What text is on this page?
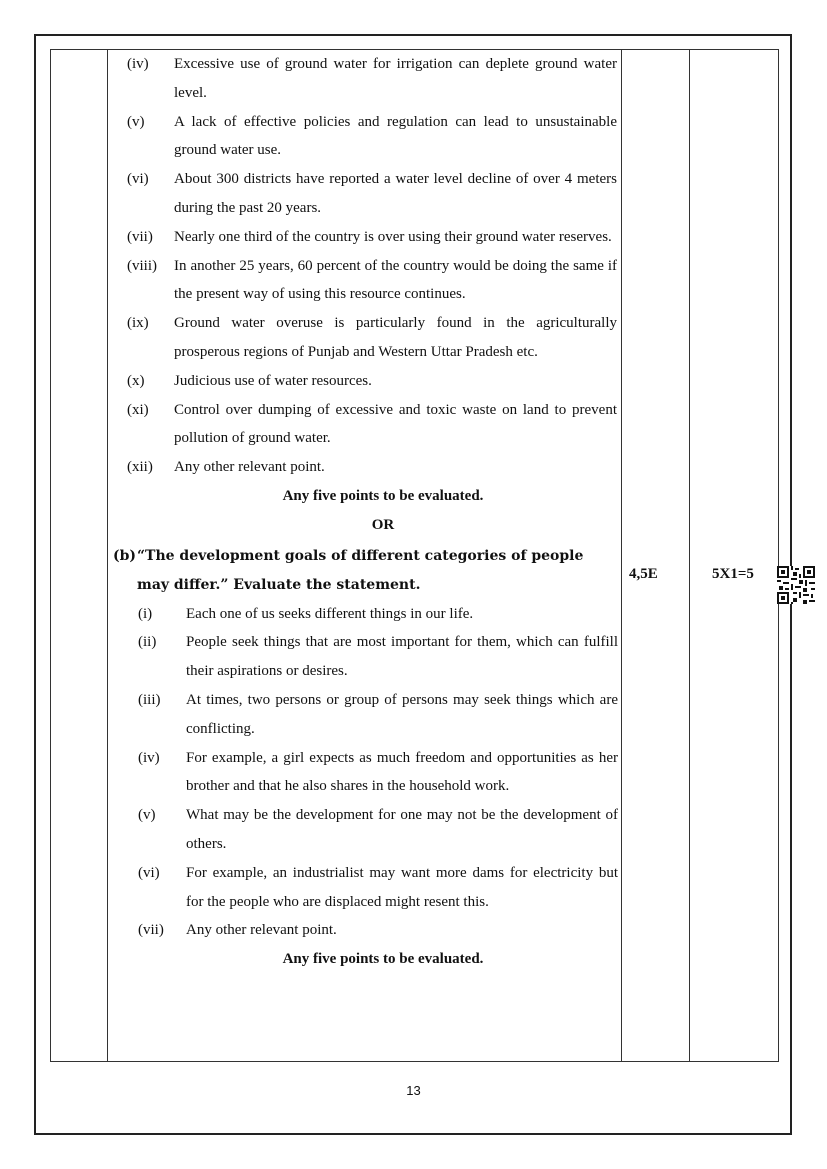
(iv)	Excessive use of ground water for irrigation can deplete ground water level.
(v)	A lack of effective policies and regulation can lead to unsustainable ground water use.
(vi)	About 300 districts have reported a water level decline of over 4 meters during the past 20 years.
(vii)	Nearly one third of the country is over using their ground water reserves.
(viii)	In another 25 years, 60 percent of the country would be doing the same if the present way of using this resource continues.
(ix)	Ground water overuse is particularly found in the agriculturally prosperous regions of Punjab and Western Uttar Pradesh etc.
(x)	Judicious use of water resources.
(xi)	Control over dumping of excessive and toxic waste on land to prevent pollution of ground water.
(xii)	Any other relevant point.
Any five points to be evaluated.
OR
(b) “The development goals of different categories of people may differ.” Evaluate the statement.
(i)	Each one of us seeks different things in our life.
(ii)	People seek things that are most important for them, which can fulfill their aspirations or desires.
(iii)	At times, two persons or group of persons may seek things which are conflicting.
(iv)	For example, a girl expects as much freedom and opportunities as her brother and that he also shares in the household work.
(v)	What may be the development for one may not be the development of others.
(vi)	For example, an industrialist may want more dams for electricity but for the people who are displaced might resent this.
(vii)	Any other relevant point.
Any five points to be evaluated.
4,5E	5X1=5
13
